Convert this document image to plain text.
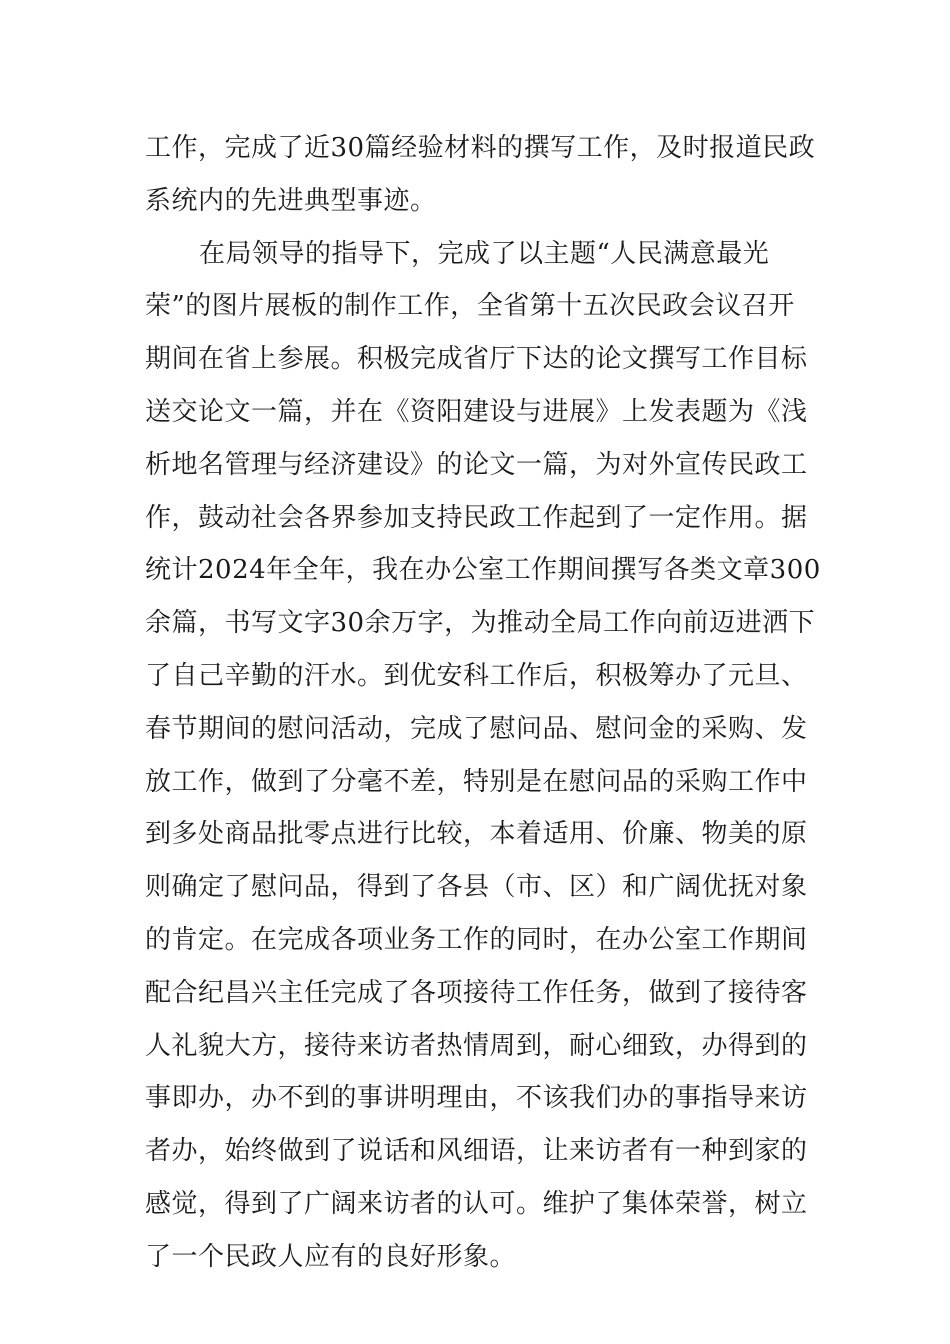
工作，完成了近30篇经验材料的撰写工作，及时报道民政
系统内的先进典型事迹。
在局领导的指导下，完成了以主题“人民满意最光
荣”的图片展板的制作工作，全省第十五次民政会议召开
期间在省上参展。积极完成省厅下达的论文撰写工作目标
送交论文一篇，并在《资阳建设与进展》上发表题为《浅
析地名管理与经济建设》的论文一篇，为对外宣传民政工
作，鼓动社会各界参加支持民政工作起到了一定作用。据
统计2024年全年，我在办公室工作期间撰写各类文章300
余篇，书写文字30余万字，为推动全局工作向前迈进洒下
了自己辛勤的汗水。到优安科工作后，积极筹办了元旦、
春节期间的慰问活动，完成了慰问品、慰问金的采购、发
放工作，做到了分毫不差，特别是在慰问品的采购工作中
到多处商品批零点进行比较，本着适用、价廉、物美的原
则确定了慰问品，得到了各县（市、区）和广阔优抚对象
的肯定。在完成各项业务工作的同时，在办公室工作期间
配合纪昌兴主任完成了各项接待工作任务，做到了接待客
人礼貌大方，接待来访者热情周到，耐心细致，办得到的
事即办，办不到的事讲明理由，不该我们办的事指导来访
者办，始终做到了说话和风细语，让来访者有一种到家的
感觉，得到了广阔来访者的认可。维护了集体荣誉，树立
了一个民政人应有的良好形象。
